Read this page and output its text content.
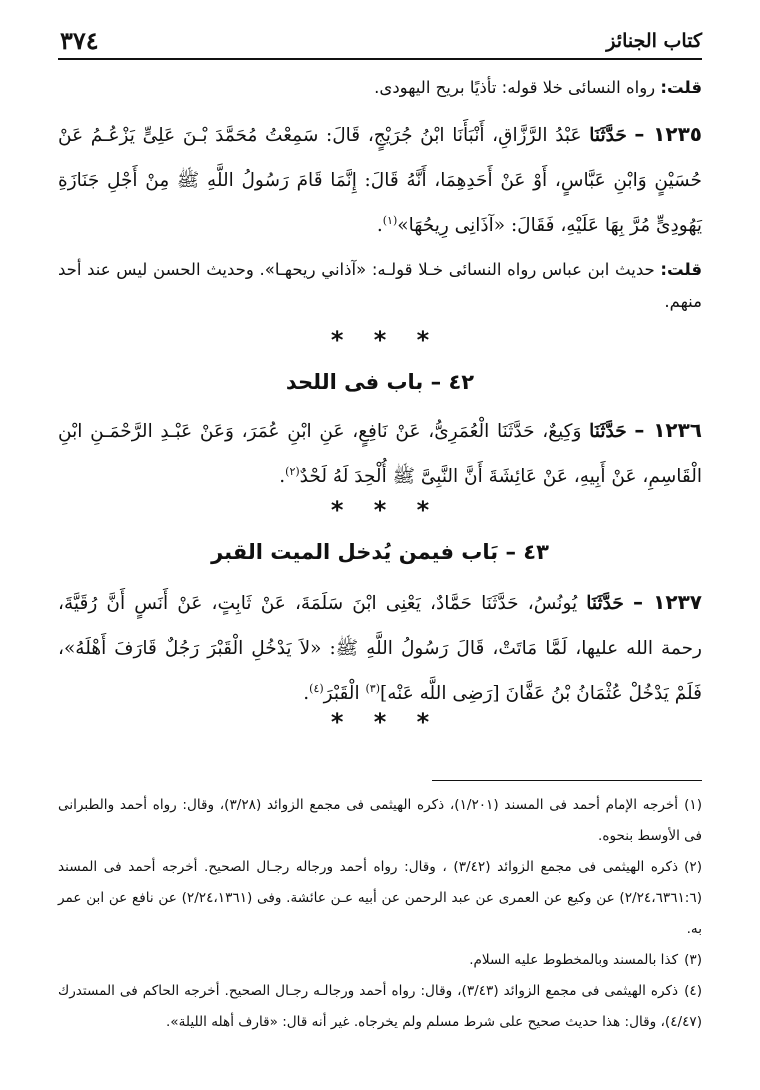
كتاب الجنائز
٣٧٤

قلت: رواه النسائى خلا قوله: تأذيًا بريح اليهودى.

١٢٣٥ – حَدَّثَنَا عَبْدُ الرَّزَّاقِ، أَنْبَأَنَا ابْنُ جُرَيْجٍ، قَالَ: سَمِعْتُ مُحَمَّدَ بْـنَ عَلِىٍّ يَزْعُـمُ عَنْ حُسَيْنٍ وَابْنِ عَبَّاسٍ، أَوْ عَنْ أَحَدِهِمَا، أَنَّهُ قَالَ: إِنَّمَا قَامَ رَسُولُ اللَّهِ ﷺ مِنْ أَجْلِ جَنَازَةِ يَهُودِىٍّ مُرَّ بِهَا عَلَيْهِ، فَقَالَ: «آذَانِى رِيحُهَا»$^{(١)}$.

قلت: حديث ابن عباس رواه النسائى خـلا قولـه: «آذاني ريحهـا». وحديث الحسن ليس عند أحد منهم.

* * *
٤٢ – باب فى اللحد

١٢٣٦ – حَدَّثَنَا وَكِيعٌ، حَدَّثَنَا الْعُمَرِىُّ، عَنْ نَافِعٍ، عَنِ ابْنِ عُمَرَ، وَعَنْ عَبْـدِ الرَّحْمَـنِ ابْنِ الْقَاسِمِ، عَنْ أَبِيهِ، عَنْ عَائِشَةَ أَنَّ النَّبِىَّ ﷺ أُلْحِدَ لَهُ لَحْدٌ$^{(٢)}$.

* * *
٤٣ – بَاب فيمن يُدخل الميت القبر

١٢٣٧ – حَدَّثَنَا يُونُسُ، حَدَّثَنَا حَمَّادٌ، يَعْنِى ابْنَ سَلَمَةَ، عَنْ ثَابِتٍ، عَنْ أَنَسٍ أَنَّ رُقَيَّةَ، رحمة الله عليها، لَمَّا مَاتَتْ، قَالَ رَسُولُ اللَّهِ ﷺ: «لاَ يَدْخُلِ الْقَبْرَ رَجُلٌ قَارَفَ أَهْلَهُ»، فَلَمْ يَدْخُلْ عُثْمَانُ بْنُ عَفَّانَ [رَضِى اللَّه عَنْه]$^{(٣)}$ الْقَبْرَ$^{(٤)}$.

* * *

(١)أخرجه الإمام أحمد فى المسند (١/٢٠١)، ذكره الهيثمى فى مجمع الزوائد (٣/٢٨)، وقال: رواه أحمد والطبرانى فى الأوسط بنحوه.

(٢)ذكره الهيثمى فى مجمع الزوائد (٣/٤٢) ، وقال: رواه أحمد ورجاله رجـال الصحيح. أخرجه أحمد فى المسند (٢/٢٤،٦٣٦١:٦) عن وكيع عن العمرى عن عبد الرحمن عن أبيه عـن عائشة. وفى (٢/٢٤،١٣٦١) عن نافع عن ابن عمر به.

(٣)كذا بالمسند وبالمخطوط عليه السلام.

(٤)ذكره الهيثمى فى مجمع الزوائد (٣/٤٣)، وقال: رواه أحمد ورجالـه رجـال الصحيح. أخرجه الحاكم فى المستدرك (٤/٤٧)، وقال: هذا حديث صحيح على شرط مسلم ولم يخرجاه. غير أنه قال: «قارف أهله الليلة».
